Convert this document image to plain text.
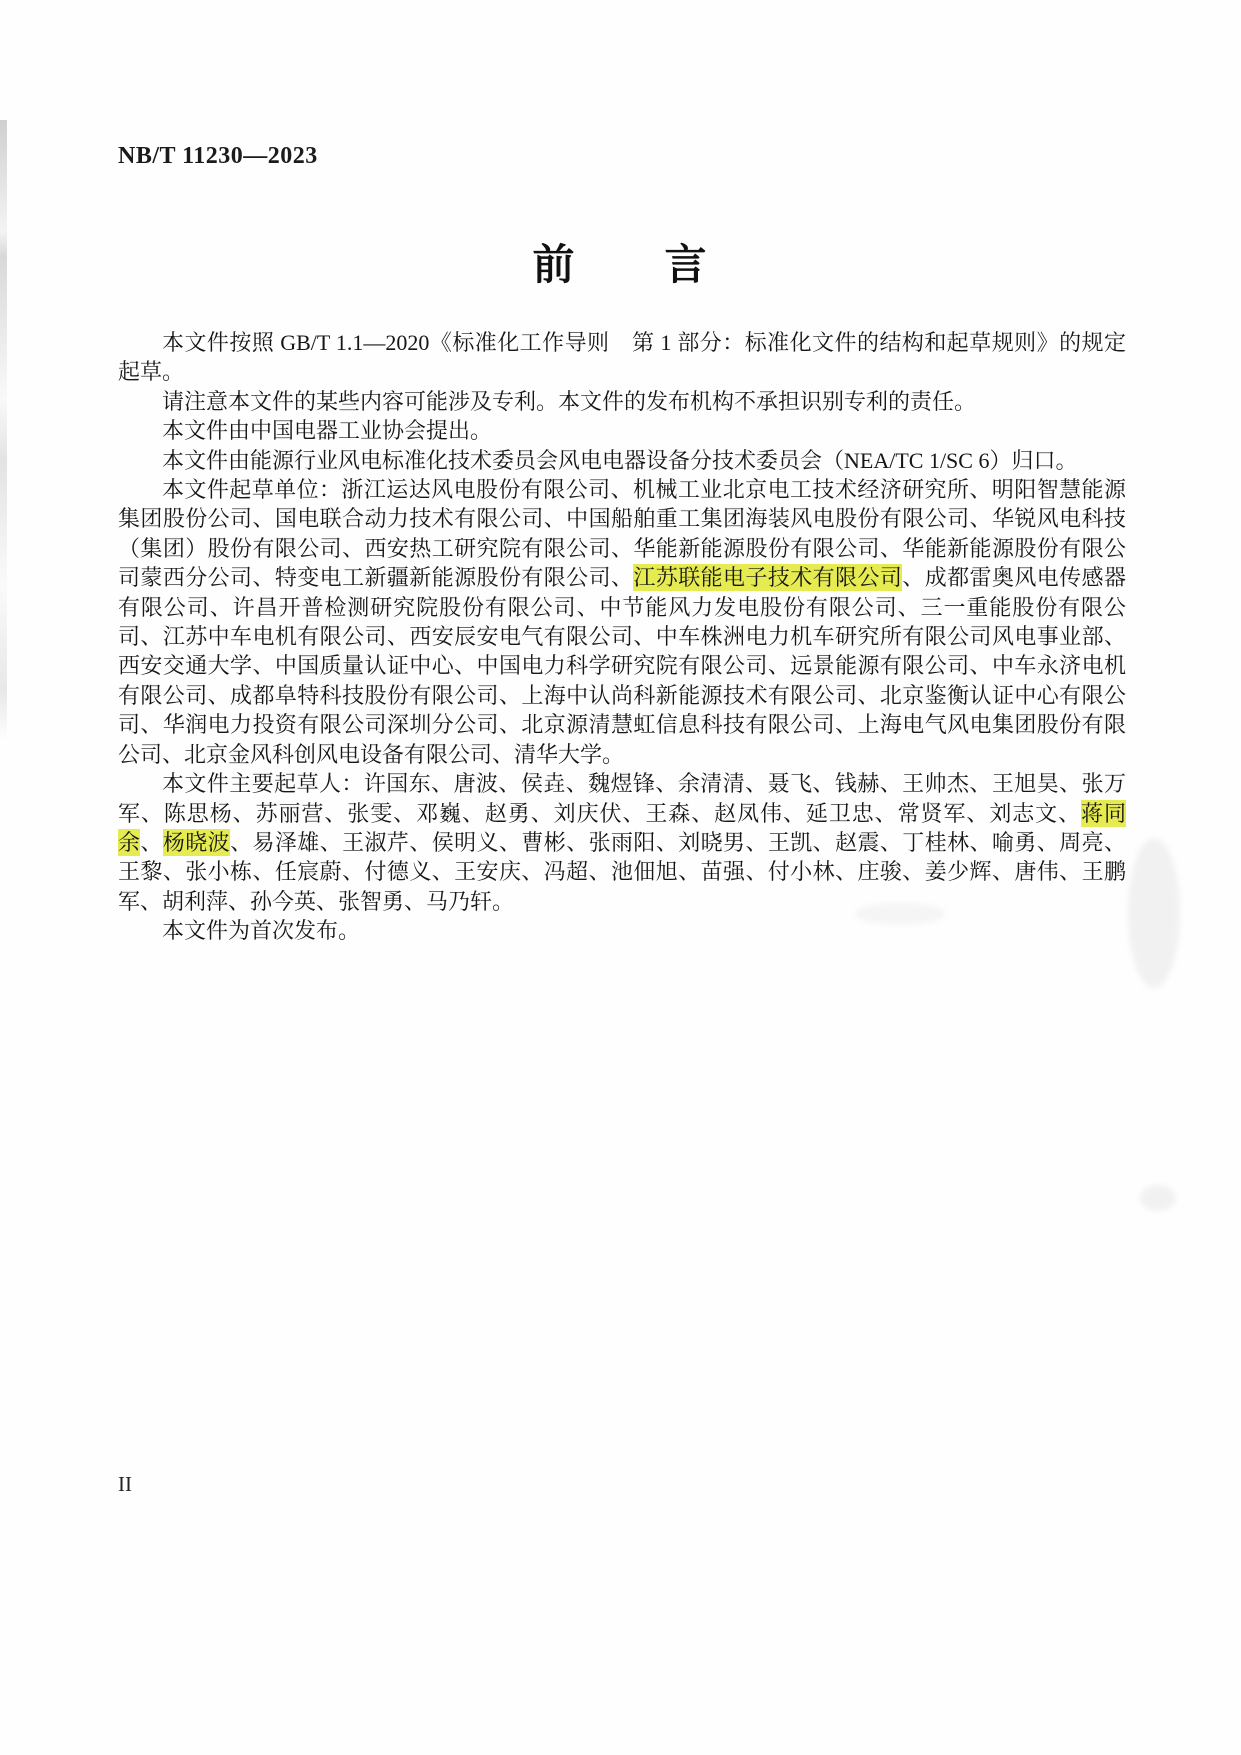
NB/T 11230—2023
前　　言

本文件按照 GB/T 1.1—2020《标准化工作导则　第 1 部分：标准化文件的结构和起草规则》的规定起草。

请注意本文件的某些内容可能涉及专利。本文件的发布机构不承担识别专利的责任。

本文件由中国电器工业协会提出。

本文件由能源行业风电标准化技术委员会风电电器设备分技术委员会（NEA/TC 1/SC 6）归口。

本文件起草单位：浙江运达风电股份有限公司、机械工业北京电工技术经济研究所、明阳智慧能源集团股份公司、国电联合动力技术有限公司、中国船舶重工集团海装风电股份有限公司、华锐风电科技（集团）股份有限公司、西安热工研究院有限公司、华能新能源股份有限公司、华能新能源股份有限公司蒙西分公司、特变电工新疆新能源股份有限公司、江苏联能电子技术有限公司、成都雷奥风电传感器有限公司、许昌开普检测研究院股份有限公司、中节能风力发电股份有限公司、三一重能股份有限公司、江苏中车电机有限公司、西安辰安电气有限公司、中车株洲电力机车研究所有限公司风电事业部、西安交通大学、中国质量认证中心、中国电力科学研究院有限公司、远景能源有限公司、中车永济电机有限公司、成都阜特科技股份有限公司、上海中认尚科新能源技术有限公司、北京鉴衡认证中心有限公司、华润电力投资有限公司深圳分公司、北京源清慧虹信息科技有限公司、上海电气风电集团股份有限公司、北京金风科创风电设备有限公司、清华大学。

本文件主要起草人：许国东、唐波、侯垚、魏煜锋、余清清、聂飞、钱赫、王帅杰、王旭昊、张万军、陈思杨、苏丽营、张雯、邓巍、赵勇、刘庆伏、王森、赵凤伟、延卫忠、常贤军、刘志文、蒋同余、杨晓波、易泽雄、王淑芹、侯明义、曹彬、张雨阳、刘晓男、王凯、赵震、丁桂林、喻勇、周亮、王黎、张小栋、任宸蔚、付德义、王安庆、冯超、池佃旭、苗强、付小林、庄骏、姜少辉、唐伟、王鹏军、胡利萍、孙今英、张智勇、马乃轩。

本文件为首次发布。

II
